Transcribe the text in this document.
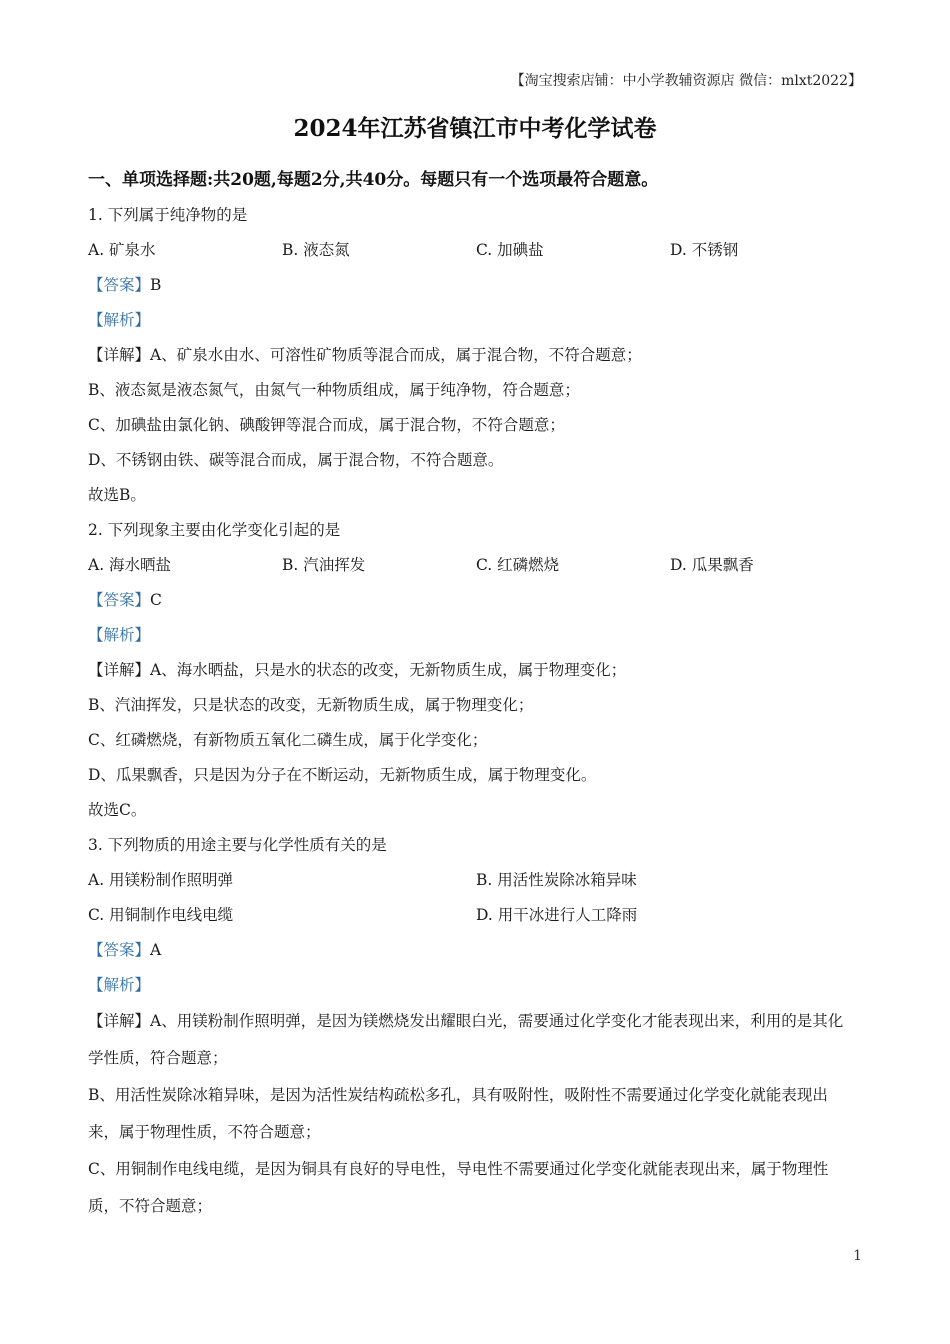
【淘宝搜索店铺：中小学教辅资源店 微信：mlxt2022】
2024年江苏省镇江市中考化学试卷
一、单项选择题:共20题,每题2分,共40分。每题只有一个选项最符合题意。
1. 下列属于纯净物的是
A. 矿泉水	B. 液态氮	C. 加碘盐	D. 不锈钢
【答案】B
【解析】
【详解】A、矿泉水由水、可溶性矿物质等混合而成，属于混合物，不符合题意；
B、液态氮是液态氮气，由氮气一种物质组成，属于纯净物，符合题意；
C、加碘盐由氯化钠、碘酸钾等混合而成，属于混合物，不符合题意；
D、不锈钢由铁、碳等混合而成，属于混合物，不符合题意。
故选B。
2. 下列现象主要由化学变化引起的是
A. 海水晒盐	B. 汽油挥发	C. 红磷燃烧	D. 瓜果飘香
【答案】C
【解析】
【详解】A、海水晒盐，只是水的状态的改变，无新物质生成，属于物理变化；
B、汽油挥发，只是状态的改变，无新物质生成，属于物理变化；
C、红磷燃烧，有新物质五氧化二磷生成，属于化学变化；
D、瓜果飘香，只是因为分子在不断运动，无新物质生成，属于物理变化。
故选C。
3. 下列物质的用途主要与化学性质有关的是
A. 用镁粉制作照明弹	B. 用活性炭除冰箱异味
C. 用铜制作电线电缆	D. 用干冰进行人工降雨
【答案】A
【解析】
【详解】A、用镁粉制作照明弹，是因为镁燃烧发出耀眼白光，需要通过化学变化才能表现出来，利用的是其化学性质，符合题意；
B、用活性炭除冰箱异味，是因为活性炭结构疏松多孔，具有吸附性，吸附性不需要通过化学变化就能表现出来，属于物理性质，不符合题意；
C、用铜制作电线电缆，是因为铜具有良好的导电性，导电性不需要通过化学变化就能表现出来，属于物理性质，不符合题意；
1
